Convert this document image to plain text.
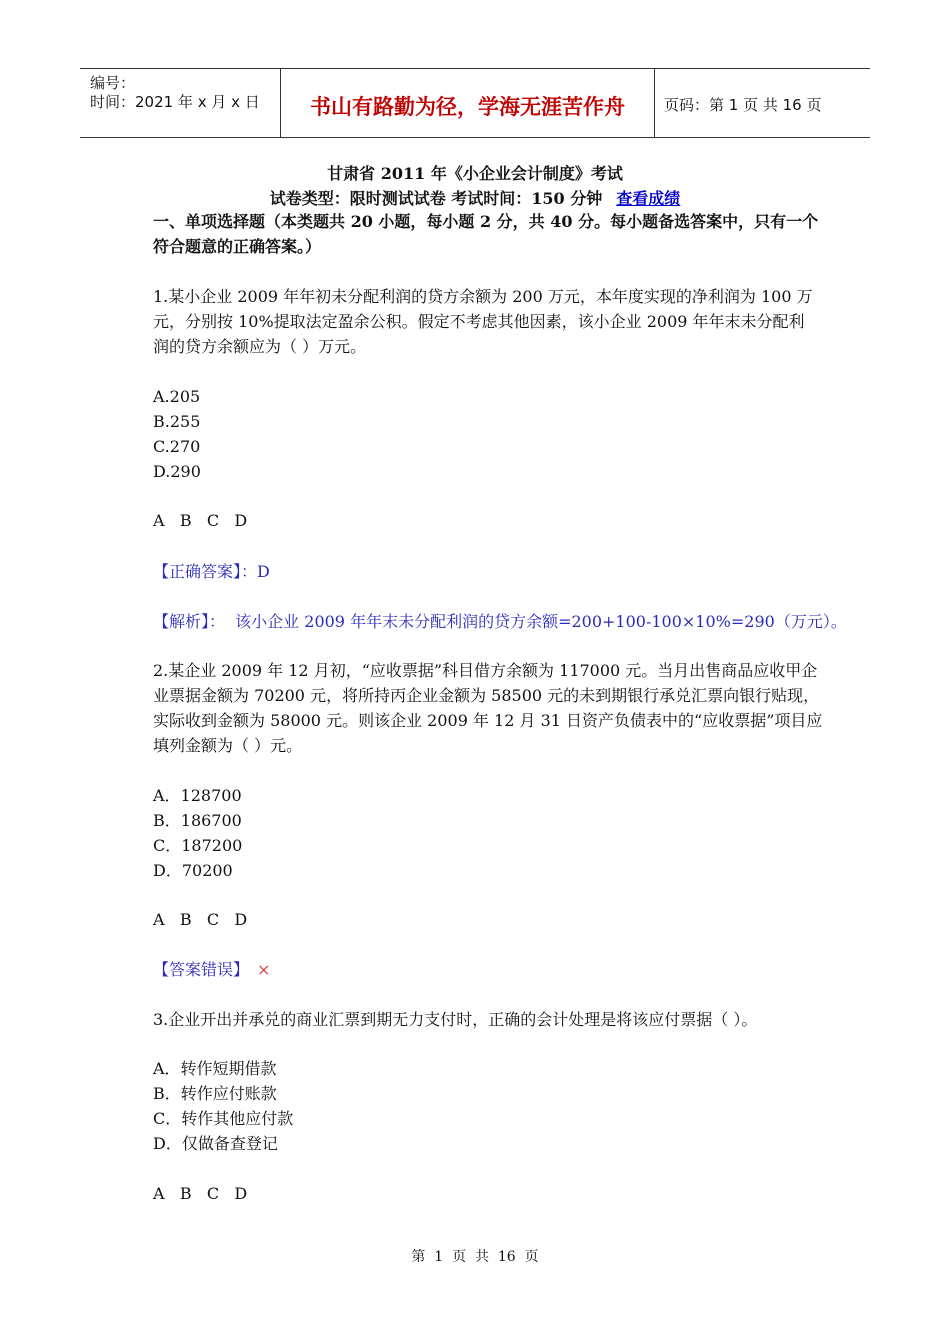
编号：
时间：2021 年 x 月 x 日	书山有路勤为径，学海无涯苦作舟	页码：第 1 页 共 16 页
甘肃省 2011 年《小企业会计制度》考试
试卷类型：限时测试试卷 考试时间：150 分钟 查看成绩
一、单项选择题（本类题共 20 小题，每小题 2 分，共 40 分。每小题备选答案中，只有一个
符合题意的正确答案。）
1.某小企业 2009 年年初未分配利润的贷方余额为 200 万元，本年度实现的净利润为 100 万
元，分别按 10%提取法定盈余公积。假定不考虑其他因素，该小企业 2009 年年末未分配利
润的贷方余额应为（ ）万元。
A.205
B.255
C.270
D.290
A   B   C   D
【正确答案】：D
【解析】：  该小企业 2009 年年末未分配利润的贷方余额=200+100-100×10%=290（万元）。
2.某企业 2009 年 12 月初，“应收票据”科目借方余额为 117000 元。当月出售商品应收甲企
业票据金额为 70200 元，将所持丙企业金额为 58500 元的未到期银行承兑汇票向银行贴现，
实际收到金额为 58000 元。则该企业 2009 年 12 月 31 日资产负债表中的“应收票据”项目应
填列金额为（ ）元。
A．128700
B．186700
C．187200
D．70200
A   B   C   D
【答案错误】 ×
3.企业开出并承兑的商业汇票到期无力支付时，正确的会计处理是将该应付票据（ ）。
A．转作短期借款
B．转作应付账款
C．转作其他应付款
D．仅做备查登记
A   B   C   D
第  1  页  共  16  页
